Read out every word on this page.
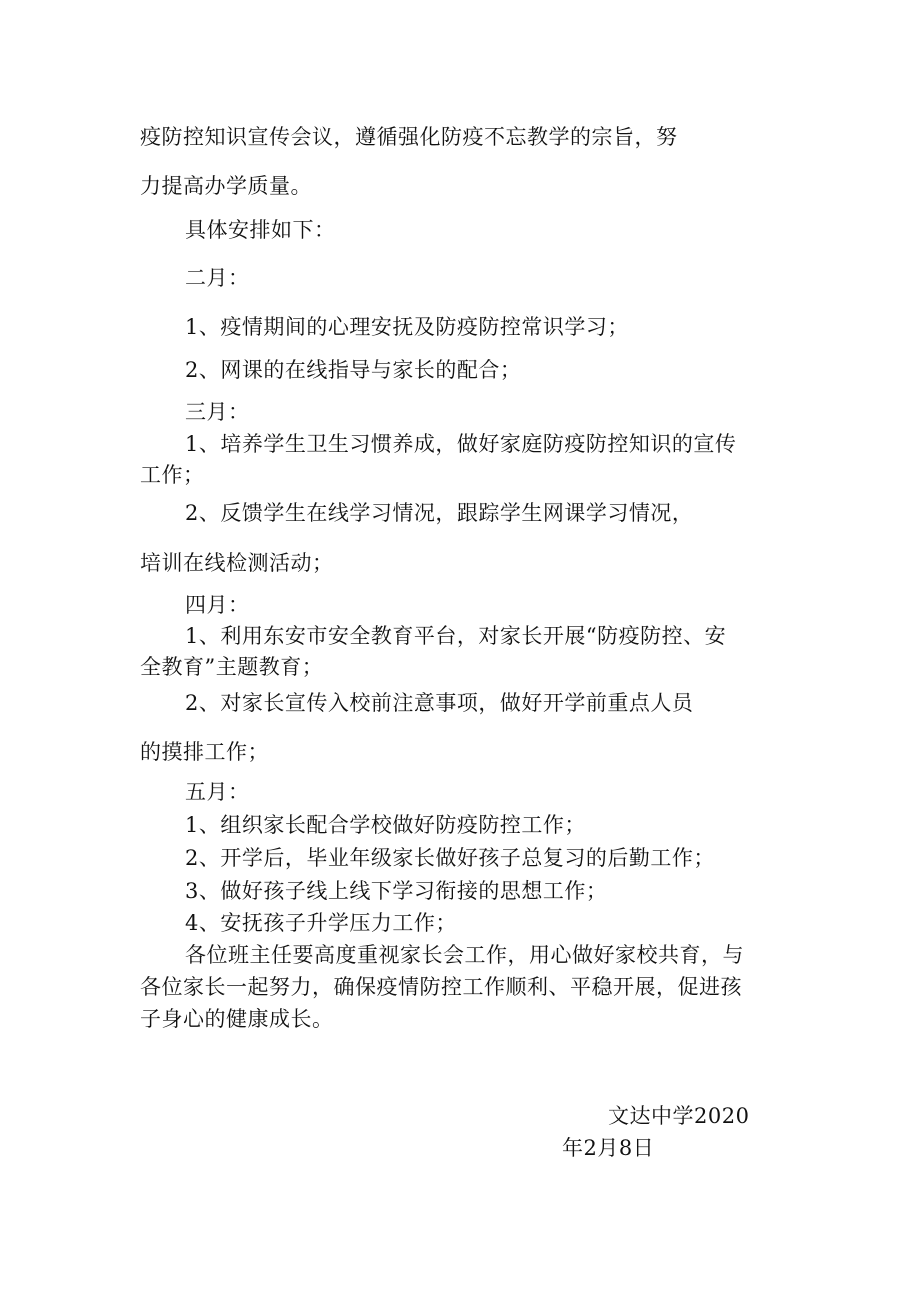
疫防控知识宣传会议，遵循强化防疫不忘教学的宗旨，努
力提高办学质量。
具体安排如下：
二月：
1、疫情期间的心理安抚及防疫防控常识学习；
2、网课的在线指导与家长的配合；
三月：
1、培养学生卫生习惯养成，做好家庭防疫防控知识的宣传
工作；
2、反馈学生在线学习情况，跟踪学生网课学习情况，
培训在线检测活动；
四月：
1、利用东安市安全教育平台，对家长开展“防疫防控、安
全教育”主题教育；
2、对家长宣传入校前注意事项，做好开学前重点人员
的摸排工作；
五月：
1、组织家长配合学校做好防疫防控工作；
2、开学后，毕业年级家长做好孩子总复习的后勤工作；
3、做好孩子线上线下学习衔接的思想工作；
4、安抚孩子升学压力工作；
各位班主任要高度重视家长会工作，用心做好家校共育，与
各位家长一起努力，确保疫情防控工作顺利、平稳开展，促进孩
子身心的健康成长。
文达中学2020
年2月8日
